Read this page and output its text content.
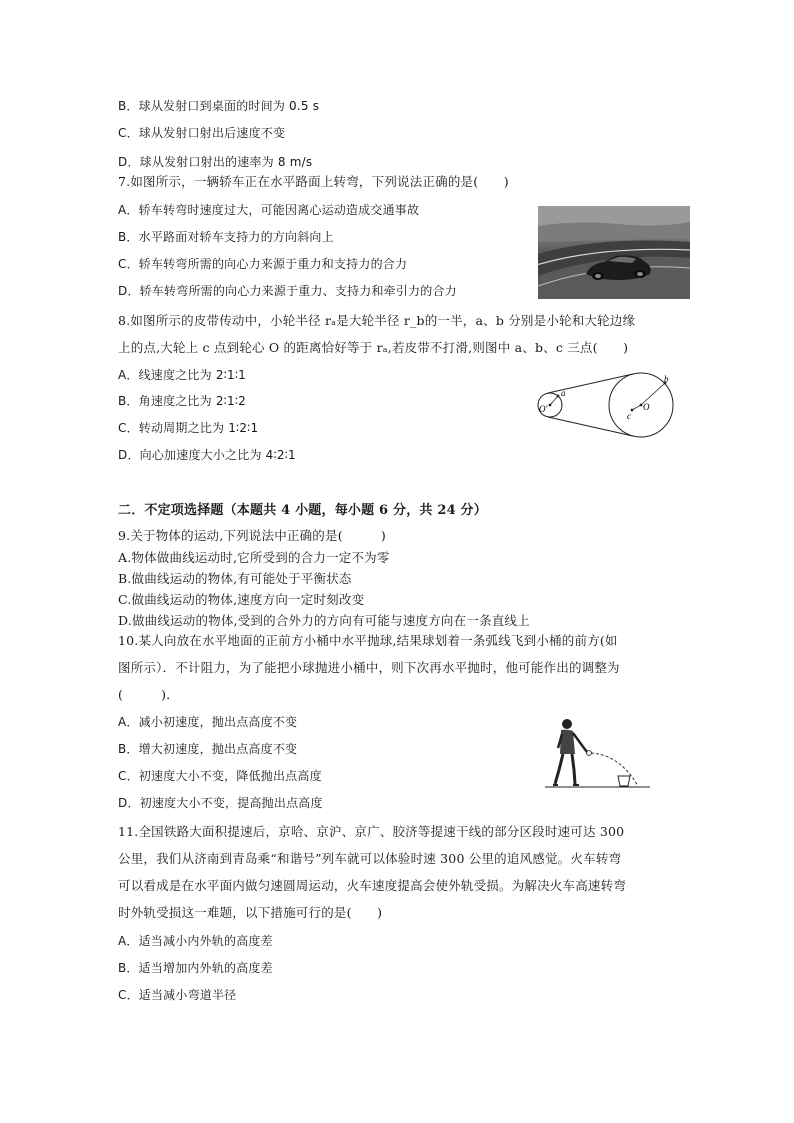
B．球从发射口到桌面的时间为 0.5 s
C．球从发射口射出后速度不变
D．球从发射口射出的速率为 8 m/s
7.如图所示，一辆轿车正在水平路面上转弯，下列说法正确的是(　　)
A．轿车转弯时速度过大，可能因离心运动造成交通事故
B．水平路面对轿车支持力的方向斜向上
C．轿车转弯所需的向心力来源于重力和支持力的合力
D．轿车转弯所需的向心力来源于重力、支持力和牵引力的合力
8.如图所示的皮带传动中，小轮半径 rₐ是大轮半径 r_b的一半，a、b 分别是小轮和大轮边缘
上的点,大轮上 c 点到轮心 O 的距离恰好等于 rₐ,若皮带不打滑,则图中 a、b、c 三点(　　)
A．线速度之比为 2∶1∶1
B．角速度之比为 2∶1∶2
C．转动周期之比为 1∶2∶1
D．向心加速度大小之比为 4∶2∶1
a
b
c
O′	O
二．不定项选择题（本题共 4 小题，每小题 6 分，共 24 分）
9.关于物体的运动,下列说法中正确的是(　　　)
A.物体做曲线运动时,它所受到的合力一定不为零
B.做曲线运动的物体,有可能处于平衡状态
C.做曲线运动的物体,速度方向一定时刻改变
D.做曲线运动的物体,受到的合外力的方向有可能与速度方向在一条直线上
10.某人向放在水平地面的正前方小桶中水平抛球,结果球划着一条弧线飞到小桶的前方(如
图所示）．不计阻力，为了能把小球抛进小桶中，则下次再水平抛时，他可能作出的调整为
(　　　)．
A．减小初速度，抛出点高度不变
B．增大初速度，抛出点高度不变
C．初速度大小不变，降低抛出点高度
D．初速度大小不变，提高抛出点高度
11.全国铁路大面积提速后，京哈、京沪、京广、胶济等提速干线的部分区段时速可达 300
公里，我们从济南到青岛乘“和谐号”列车就可以体验时速 300 公里的追风感觉。火车转弯
可以看成是在水平面内做匀速圆周运动，火车速度提高会使外轨受损。为解决火车高速转弯
时外轨受损这一难题，以下措施可行的是(　　)
A．适当减小内外轨的高度差
B．适当增加内外轨的高度差
C．适当减小弯道半径
